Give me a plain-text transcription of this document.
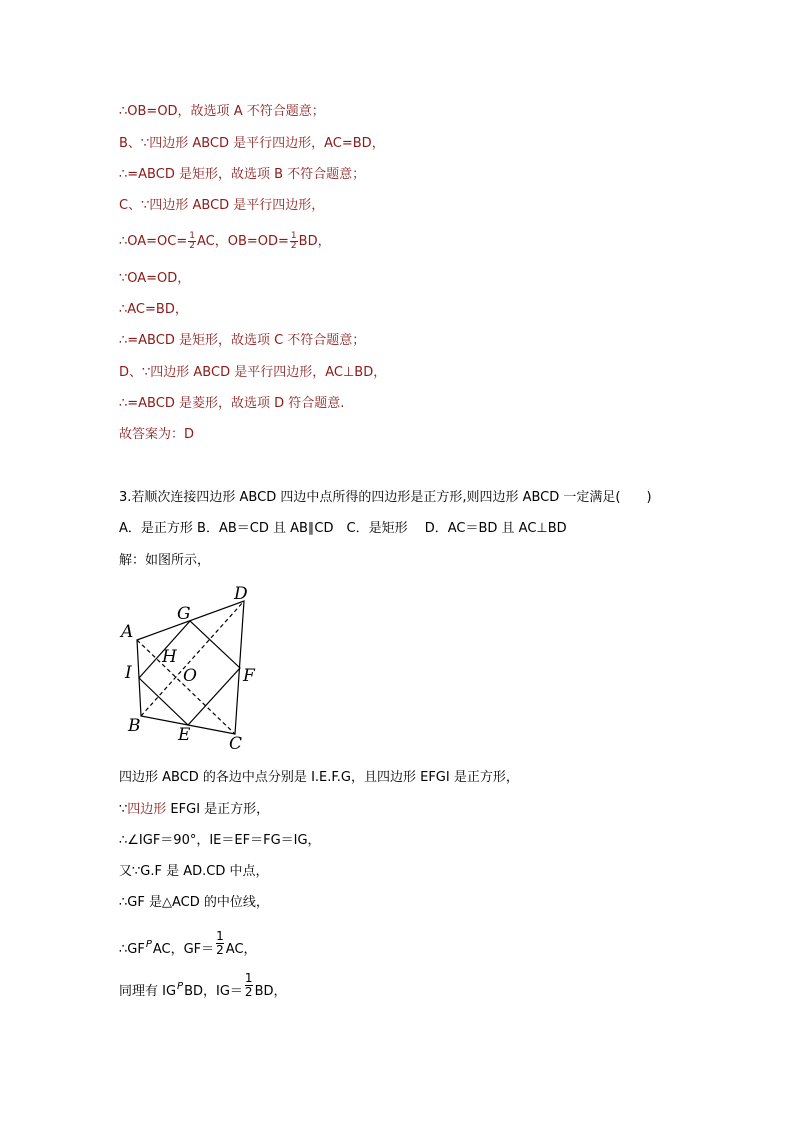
∴OB=OD，故选项 A 不符合题意；
B、∵四边形 ABCD 是平行四边形，AC=BD，
∴=ABCD 是矩形，故选项 B 不符合题意；
C、∵四边形 ABCD 是平行四边形，
∴OA=OC= $\frac{1}{2}$ AC，$OB=OD= \frac{1}{2}$ BD，
∵OA=OD，
∴AC=BD，
∴=ABCD 是矩形，故选项 C 不符合题意；
D、∵四边形 ABCD 是平行四边形，AC⊥BD，
∴=ABCD 是菱形，故选项 D 符合题意.
故答案为：D
3.若顺次连接四边形 ABCD 四边中点所得的四边形是正方形,则四边形 ABCD 一定满足(　　)
A．是正方形 B．AB＝CD 且 AB∥CD　C．是矩形　 D．AC＝BD 且 AC⊥BD
解：如图所示，
A
D
G
H
I	O	F
B E C
四边形 ABCD 的各边中点分别是 I.E.F.G，且四边形 EFGI 是正方形，
∵四边形 EFGI 是正方形，
∴∠IGF＝90°，IE＝EF＝FG＝IG，
又∵G.F 是 AD.CD 中点，
∴GF 是△ACD 的中位线，
$\therefore GF^PAC$，$GF= \frac{1}{2}$ AC，
同理有 $IG^PBD$，$IG= \frac{1}{2}$ BD，
